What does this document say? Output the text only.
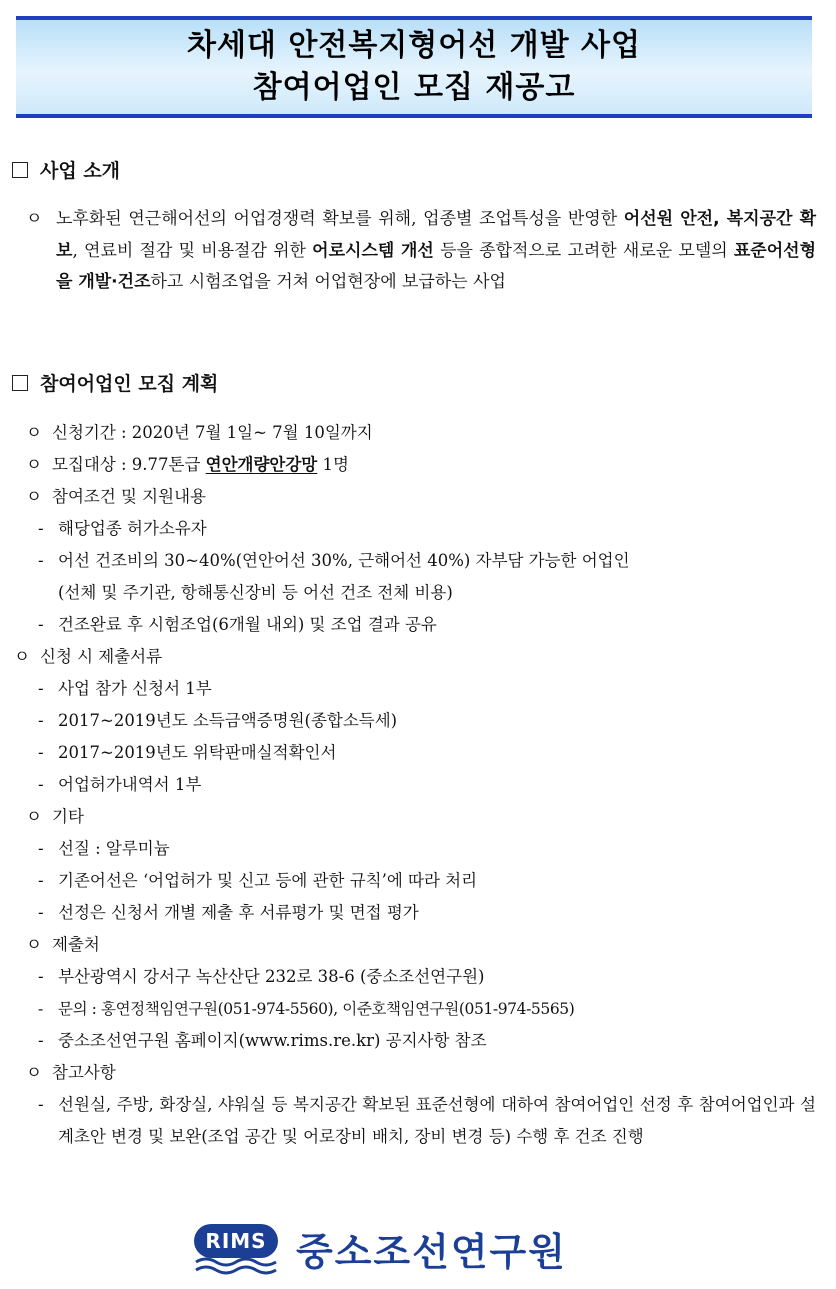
차세대 안전복지형어선 개발 사업
참여어업인 모집 재공고
사업 소개
ㅇ 노후화된 연근해어선의 어업경쟁력 확보를 위해, 업종별 조업특성을 반영한 어선원 안전, 복지공간 확보, 연료비 절감 및 비용절감 위한 어로시스템 개선 등을 종합적으로 고려한 새로운 모델의 표준어선형을 개발·건조하고 시험조업을 거쳐 어업현장에 보급하는 사업
참여어업인 모집 계획
ㅇ 신청기간 : 2020년 7월 1일~ 7월 10일까지
ㅇ 모집대상 : 9.77톤급 연안개량안강망 1명
ㅇ 참여조건 및 지원내용
- 해당업종 허가소유자
- 어선 건조비의 30~40%(연안어선 30%, 근해어선 40%) 자부담 가능한 어업인
(선체 및 주기관, 항해통신장비 등 어선 건조 전체 비용)
- 건조완료 후 시험조업(6개월 내외) 및 조업 결과 공유
ㅇ 신청 시 제출서류
- 사업 참가 신청서 1부
- 2017~2019년도 소득금액증명원(종합소득세)
- 2017~2019년도 위탁판매실적확인서
- 어업허가내역서 1부
ㅇ 기타
- 선질 : 알루미늄
- 기존어선은 ‘어업허가 및 신고 등에 관한 규칙’에 따라 처리
- 선정은 신청서 개별 제출 후 서류평가 및 면접 평가
ㅇ 제출처
- 부산광역시 강서구 녹산산단 232로 38-6 (중소조선연구원)
- 문의 : 홍연정책임연구원(051-974-5560), 이준호책임연구원(051-974-5565)
- 중소조선연구원 홈페이지(www.rims.re.kr) 공지사항 참조
ㅇ 참고사항
- 선원실, 주방, 화장실, 샤워실 등 복지공간 확보된 표준선형에 대하여 참여어업인 선정 후 참여어업인과 설계초안 변경 및 보완(조업 공간 및 어로장비 배치, 장비 변경 등) 수행 후 건조 진행
RIMS 중소조선연구원
